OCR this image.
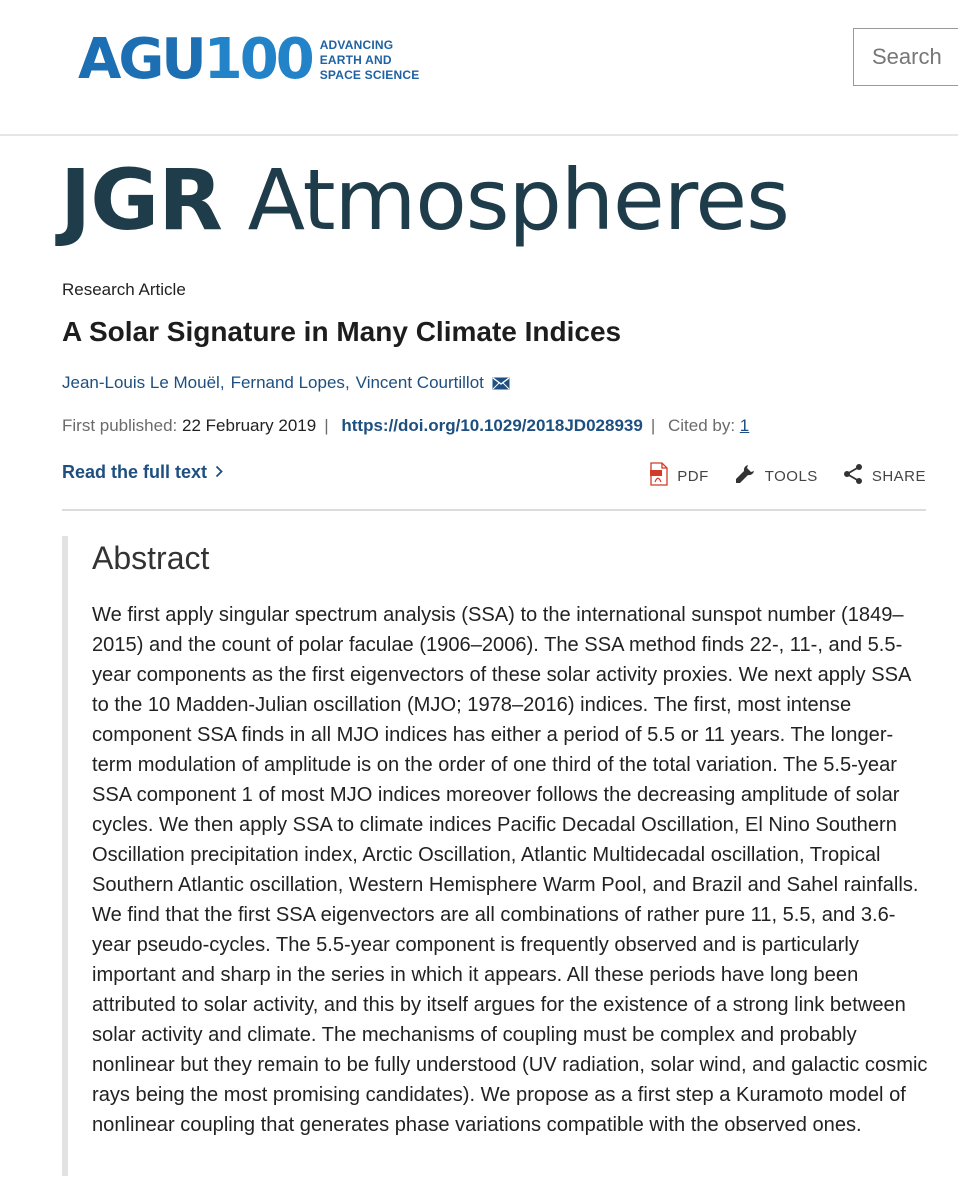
AGU100 ADVANCING
EARTH AND
SPACE SCIENCE
Search
JGR Atmospheres
Research Article
A Solar Signature in Many Climate Indices
Jean-Louis Le Mouël, Fernand Lopes, Vincent Courtillot
First published: 22 February 2019 | https://doi.org/10.1029/2018JD028939 | Cited by: 1
Read the full text	PDF	TOOLS	SHARE
Abstract

We first apply singular spectrum analysis (SSA) to the international sunspot number (1849–2015) and the count of polar faculae (1906–2006). The SSA method finds 22-, 11-, and 5.5-year components as the first eigenvectors of these solar activity proxies. We next apply SSA to the 10 Madden-Julian oscillation (MJO; 1978–2016) indices. The first, most intense component SSA finds in all MJO indices has either a period of 5.5 or 11 years. The longer-term modulation of amplitude is on the order of one third of the total variation. The 5.5-year SSA component 1 of most MJO indices moreover follows the decreasing amplitude of solar cycles. We then apply SSA to climate indices Pacific Decadal Oscillation, El Nino Southern Oscillation precipitation index, Arctic Oscillation, Atlantic Multidecadal oscillation, Tropical Southern Atlantic oscillation, Western Hemisphere Warm Pool, and Brazil and Sahel rainfalls. We find that the first SSA eigenvectors are all combinations of rather pure 11, 5.5, and 3.6-year pseudo-cycles. The 5.5-year component is frequently observed and is particularly important and sharp in the series in which it appears. All these periods have long been attributed to solar activity, and this by itself argues for the existence of a strong link between solar activity and climate. The mechanisms of coupling must be complex and probably nonlinear but they remain to be fully understood (UV radiation, solar wind, and galactic cosmic rays being the most promising candidates). We propose as a first step a Kuramoto model of nonlinear coupling that generates phase variations compatible with the observed ones.
